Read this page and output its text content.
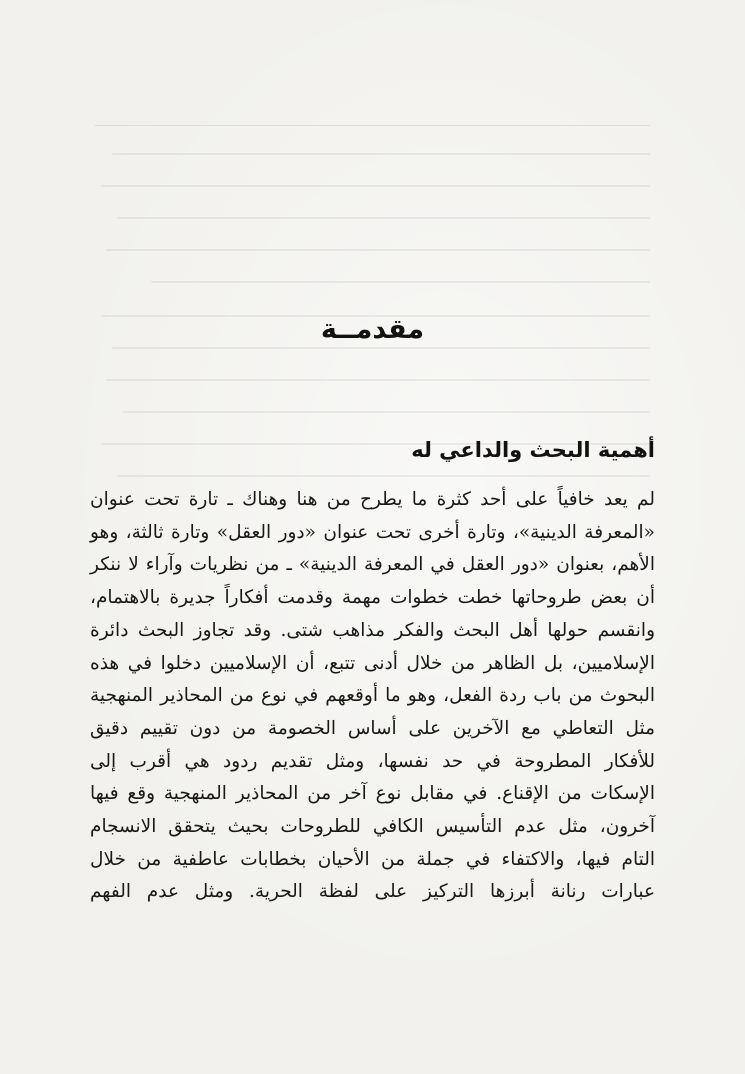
مقدمــة
أهمية البحث والداعي له

لم يعد خافياً على أحد كثرة ما يطرح من هنا وهناك ـ تارة تحت عنوان «المعرفة الدينية»، وتارة أخرى تحت عنوان «دور العقل» وتارة ثالثة، وهو الأهم، بعنوان «دور العقل في المعرفة الدينية» ـ من نظريات وآراء لا ننكر أن بعض طروحاتها خطت خطوات مهمة وقدمت أفكاراً جديرة بالاهتمام، وانقسم حولها أهل البحث والفكر مذاهب شتى. وقد تجاوز البحث دائرة الإسلاميين، بل الظاهر من خلال أدنى تتبع، أن الإسلاميين دخلوا في هذه البحوث من باب ردة الفعل، وهو ما أوقعهم في نوع من المحاذير المنهجية مثل التعاطي مع الآخرين على أساس الخصومة من دون تقييم دقيق للأفكار المطروحة في حد نفسها، ومثل تقديم ردود هي أقرب إلى الإسكات من الإقناع. في مقابل نوع آخر من المحاذير المنهجية وقع فيها آخرون، مثل عدم التأسيس الكافي للطروحات بحيث يتحقق الانسجام التام فيها، والاكتفاء في جملة من الأحيان بخطابات عاطفية من خلال عبارات رنانة أبرزها التركيز على لفظة الحرية. ومثل عدم الفهم
